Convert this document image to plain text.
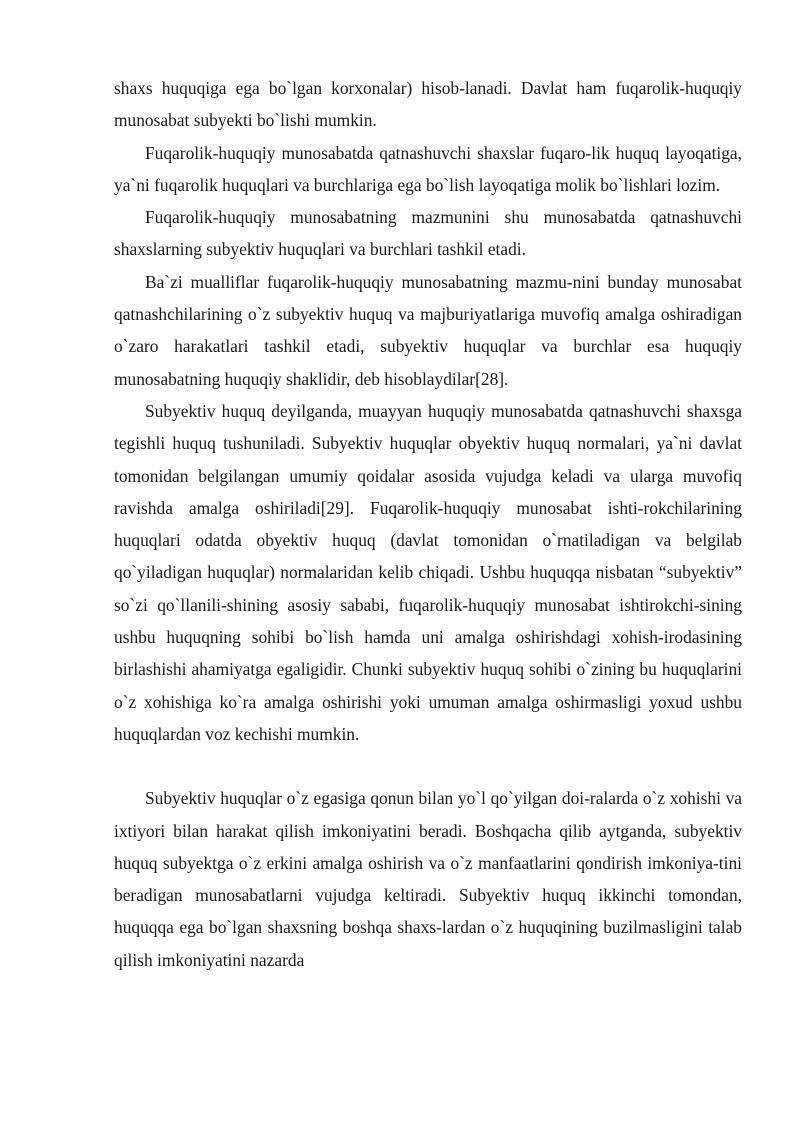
shaxs huquqiga ega bo`lgan korxonalar) hisob-lanadi. Davlat ham fuqarolik-huquqiy munosabat subyekti bo`lishi mumkin.

Fuqarolik-huquqiy munosabatda qatnashuvchi shaxslar fuqaro-lik huquq layoqatiga, ya`ni fuqarolik huquqlari va burchlariga ega bo`lish layoqatiga molik bo`lishlari lozim.

Fuqarolik-huquqiy munosabatning mazmunini shu munosabatda qatnashuvchi shaxslarning subyektiv huquqlari va burchlari tashkil etadi.

Ba`zi mualliflar fuqarolik-huquqiy munosabatning mazmu-nini bunday munosabat qatnashchilarining o`z subyektiv huquq va majburiyatlariga muvofiq amalga oshiradigan o`zaro harakatlari tashkil etadi, subyektiv huquqlar va burchlar esa huquqiy munosabatning huquqiy shaklidir, deb hisoblaydilar[28].

Subyektiv huquq deyilganda, muayyan huquqiy munosabatda qatnashuvchi shaxsga tegishli huquq tushuniladi. Subyektiv huquqlar obyektiv huquq normalari, ya`ni davlat tomonidan belgilangan umumiy qoidalar asosida vujudga keladi va ularga muvofiq ravishda amalga oshiriladi[29]. Fuqarolik-huquqiy munosabat ishti-rokchilarining huquqlari odatda obyektiv huquq (davlat tomonidan o`rnatiladigan va belgilab qo`yiladigan huquqlar) normalaridan kelib chiqadi. Ushbu huquqqa nisbatan “subyektiv” so`zi qo`llanili-shining asosiy sababi, fuqarolik-huquqiy munosabat ishtirokchi-sining ushbu huquqning sohibi bo`lish hamda uni amalga oshirishdagi xohish-irodasining birlashishi ahamiyatga egaligidir. Chunki subyektiv huquq sohibi o`zining bu huquqlarini o`z xohishiga ko`ra amalga oshirishi yoki umuman amalga oshirmasligi yoxud ushbu huquqlardan voz kechishi mumkin.

Subyektiv huquqlar o`z egasiga qonun bilan yo`l qo`yilgan doi-ralarda o`z xohishi va ixtiyori bilan harakat qilish imkoniyatini beradi. Boshqacha qilib aytganda, subyektiv huquq subyektga o`z erkini amalga oshirish va o`z manfaatlarini qondirish imkoniya-tini beradigan munosabatlarni vujudga keltiradi. Subyektiv huquq ikkinchi tomondan, huquqqa ega bo`lgan shaxsning boshqa shaxs-lardan o`z huquqining buzilmasligini talab qilish imkoniyatini nazarda
